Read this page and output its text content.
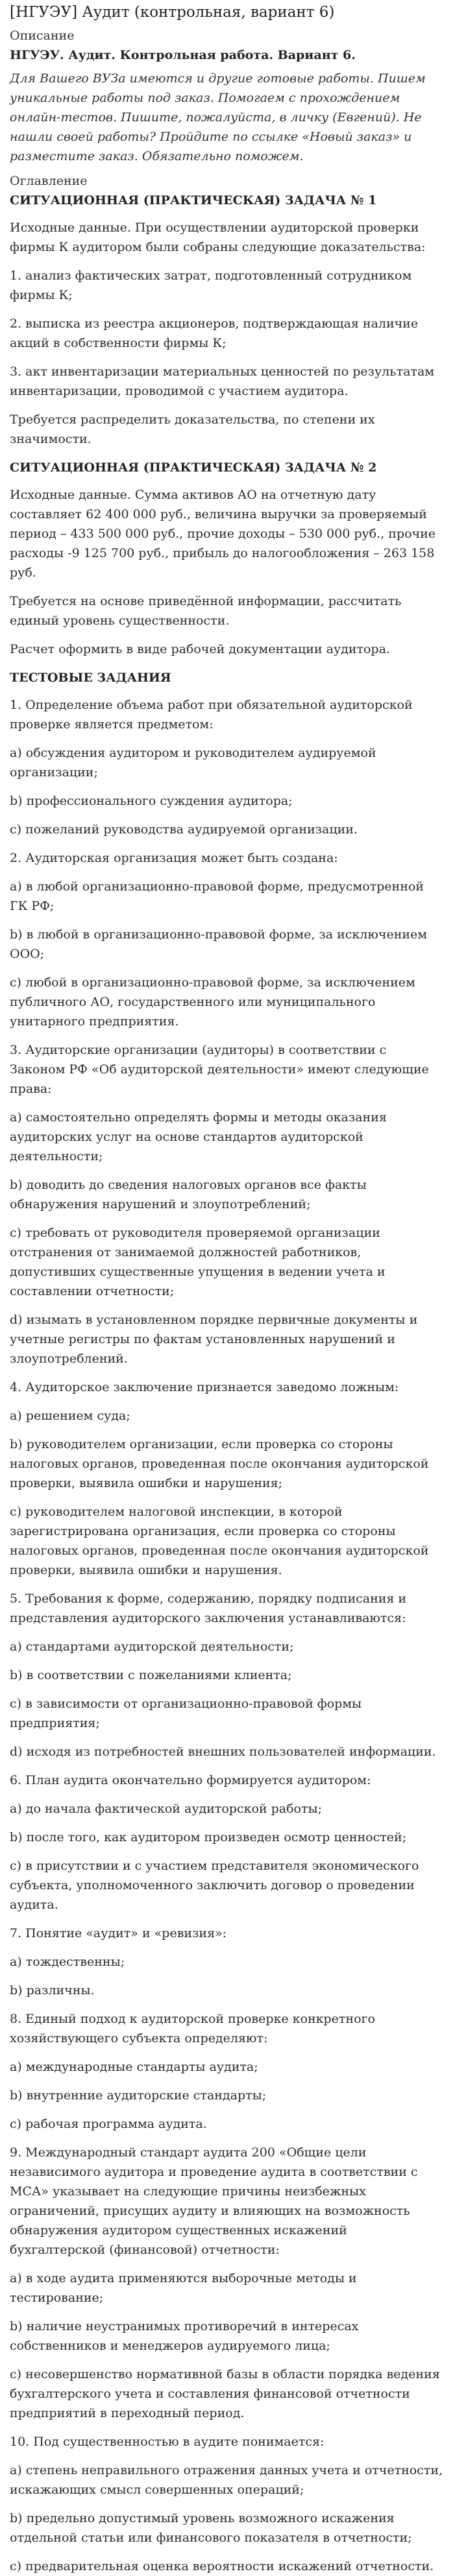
[НГУЭУ] Аудит (контрольная, вариант 6)

Описание

НГУЭУ. Аудит. Контрольная работа. Вариант 6.

Для Вашего ВУЗа имеются и другие готовые работы. Пишем уникальные работы под заказ. Помогаем с прохождением онлайн-тестов. Пишите, пожалуйста, в личку (Евгений). Не нашли своей работы? Пройдите по ссылке «Новый заказ» и разместите заказ. Обязательно поможем.

Оглавление

СИТУАЦИОННАЯ (ПРАКТИЧЕСКАЯ) ЗАДАЧА № 1

Исходные данные. При осуществлении аудиторской проверки фирмы К аудитором были собраны следующие доказательства:

1. анализ фактических затрат, подготовленный сотрудником фирмы К;

2. выписка из реестра акционеров, подтверждающая наличие акций в собственности фирмы К;

3. акт инвентаризации материальных ценностей по результатам инвентаризации, проводимой с участием аудитора.

Требуется распределить доказательства, по степени их значимости.

СИТУАЦИОННАЯ (ПРАКТИЧЕСКАЯ) ЗАДАЧА № 2

Исходные данные. Сумма активов АО на отчетную дату составляет 62 400 000 руб., величина выручки за проверяемый период – 433 500 000 руб., прочие доходы – 530 000 руб., прочие расходы -9 125 700 руб., прибыль до налогообложения – 263 158 руб.

Требуется на основе приведённой информации, рассчитать единый уровень существенности.

Расчет оформить в виде рабочей документации аудитора.

ТЕСТОВЫЕ ЗАДАНИЯ

1. Определение объема работ при обязательной аудиторской проверке является предметом:

a) обсуждения аудитором и руководителем аудируемой организации;

b) профессионального суждения аудитора;

c) пожеланий руководства аудируемой организации.

2. Аудиторская организация может быть создана:

a) в любой организационно-правовой форме, предусмотренной ГК РФ;

b) в любой в организационно-правовой форме, за исключением ООО;

c) любой в организационно-правовой форме, за исключением публичного АО, государственного или муниципального унитарного предприятия.

3. Аудиторские организации (аудиторы) в соответствии с Законом РФ «Об аудиторской деятельности» имеют следующие права:

a) самостоятельно определять формы и методы оказания аудиторских услуг на основе стандартов аудиторской деятельности;

b) доводить до сведения налоговых органов все факты обнаружения нарушений и злоупотреблений;

c) требовать от руководителя проверяемой организации отстранения от занимаемой должностей работников, допустивших существенные упущения в ведении учета и составлении отчетности;

d) изымать в установленном порядке первичные документы и учетные регистры по фактам установленных нарушений и злоупотреблений.

4. Аудиторское заключение признается заведомо ложным:

a) решением суда;

b) руководителем организации, если проверка со стороны налоговых органов, проведенная после окончания аудиторской проверки, выявила ошибки и нарушения;

c) руководителем налоговой инспекции, в которой зарегистрирована организация, если проверка со стороны налоговых органов, проведенная после окончания аудиторской проверки, выявила ошибки и нарушения.

5. Требования к форме, содержанию, порядку подписания и представления аудиторского заключения устанавливаются:

a) стандартами аудиторской деятельности;

b) в соответствии с пожеланиями клиента;

c) в зависимости от организационно-правовой формы предприятия;

d) исходя из потребностей внешних пользователей информации.

6. План аудита окончательно формируется аудитором:

a) до начала фактической аудиторской работы;

b) после того, как аудитором произведен осмотр ценностей;

c) в присутствии и с участием представителя экономического субъекта, уполномоченного заключить договор о проведении аудита.

7. Понятие «аудит» и «ревизия»:

a) тождественны;

b) различны.

8. Единый подход к аудиторской проверке конкретного хозяйствующего субъекта определяют:

a) международные стандарты аудита;

b) внутренние аудиторские стандарты;

c) рабочая программа аудита.

9. Международный стандарт аудита 200 «Общие цели независимого аудитора и проведение аудита в соответствии с МСА» указывает на следующие причины неизбежных ограничений, присущих аудиту и влияющих на возможность обнаружения аудитором существенных искажений бухгалтерской (финансовой) отчетности:

a) в ходе аудита применяются выборочные методы и тестирование;

b) наличие неустранимых противоречий в интересах собственников и менеджеров аудируемого лица;

c) несовершенство нормативной базы в области порядка ведения бухгалтерского учета и составления финансовой отчетности предприятий в переходный период.

10. Под существенностью в аудите понимается:

a) степень неправильного отражения данных учета и отчетности, искажающих смысл совершенных операций;

b) предельно допустимый уровень возможного искажения отдельной статьи или финансового показателя в отчетности;

c) предварительная оценка вероятности искажений отчетности.
